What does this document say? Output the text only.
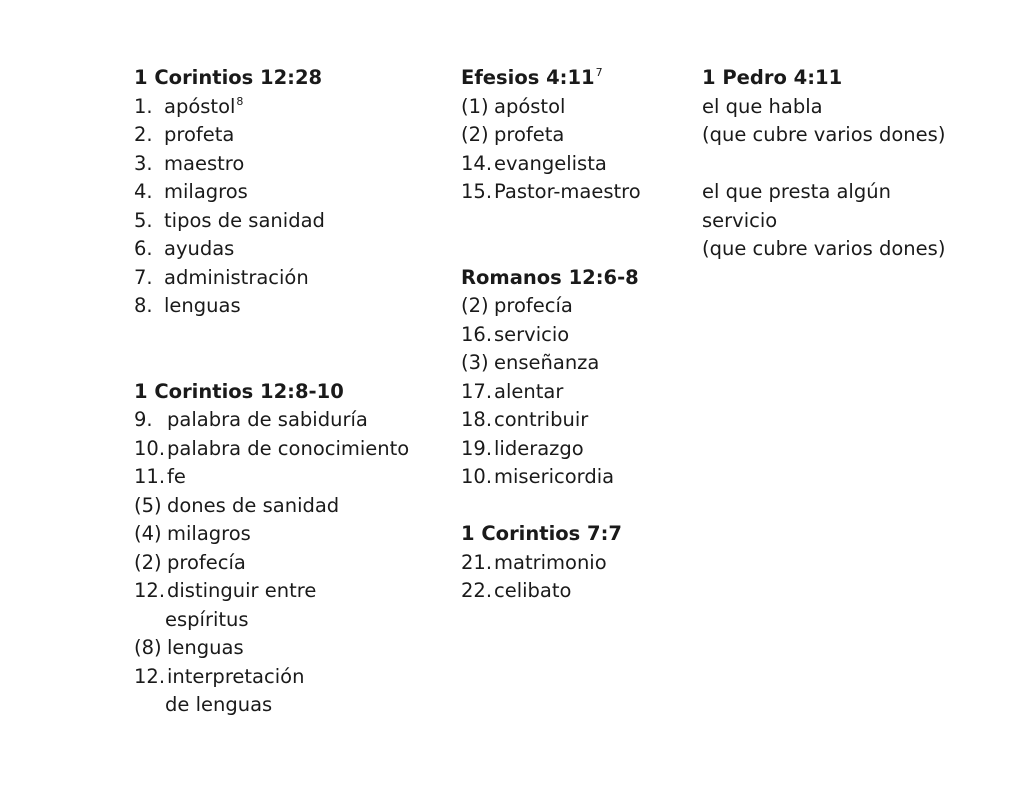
1 Corintios 12:28
1. apóstol$^8$
2. profeta
3. maestro
4. milagros
5. tipos de sanidad
6. ayudas
7. administración
8. lenguas
1 Corintios 12:8-10
9. palabra de sabiduría
10. palabra de conocimiento
11. fe
(5) dones de sanidad
(4) milagros
(2) profecía
12. distinguir entre
espíritus
(8) lenguas
12. interpretación
de lenguas
Efesios $4:11^7$
(1) apóstol
(2) profeta
14. evangelista
15. Pastor-maestro
Romanos 12:6-8
(2) profecía
16. servicio
(3) enseñanza
17. alentar
18. contribuir
19. liderazgo
10. misericordia
1 Corintios 7:7
21. matrimonio
22. celibato
1 Pedro 4:11
el que habla
(que cubre varios dones)
el que presta algún
servicio
(que cubre varios dones)
